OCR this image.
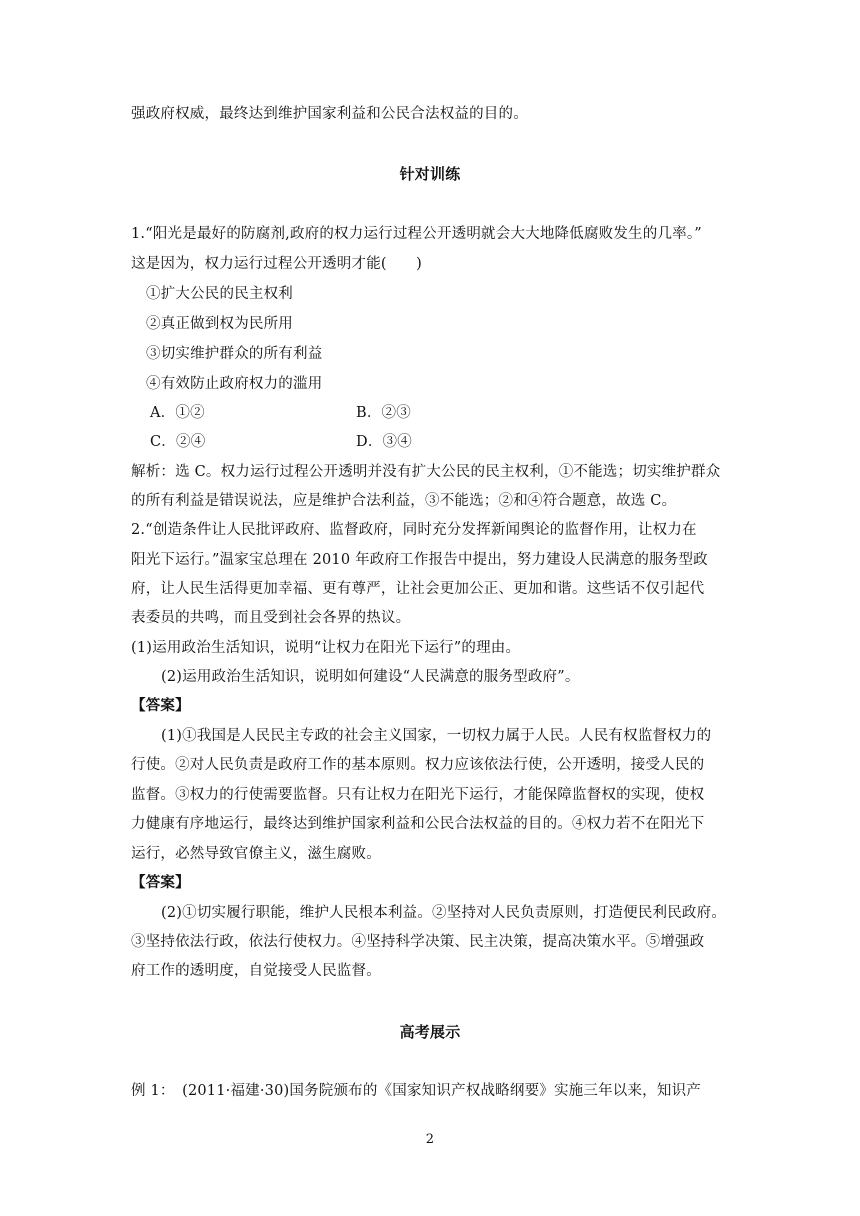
强政府权威，最终达到维护国家利益和公民合法权益的目的。
针对训练
1.“阳光是最好的防腐剂,政府的权力运行过程公开透明就会大大地降低腐败发生的几率。”
这是因为，权力运行过程公开透明才能(　　)
①扩大公民的民主权利
②真正做到权为民所用
③切实维护群众的所有利益
④有效防止政府权力的滥用
A．①②	B．②③
C．②④	D．③④
解析：选 C。权力运行过程公开透明并没有扩大公民的民主权利，①不能选；切实维护群众
的所有利益是错误说法，应是维护合法利益，③不能选；②和④符合题意，故选 C。
2.“创造条件让人民批评政府、监督政府，同时充分发挥新闻舆论的监督作用，让权力在
阳光下运行。”温家宝总理在 2010 年政府工作报告中提出，努力建设人民满意的服务型政
府，让人民生活得更加幸福、更有尊严，让社会更加公正、更加和谐。这些话不仅引起代
表委员的共鸣，而且受到社会各界的热议。
(1)运用政治生活知识，说明“让权力在阳光下运行”的理由。
(2)运用政治生活知识，说明如何建设“人民满意的服务型政府”。
【答案】
(1)①我国是人民民主专政的社会主义国家，一切权力属于人民。人民有权监督权力的
行使。②对人民负责是政府工作的基本原则。权力应该依法行使，公开透明，接受人民的
监督。③权力的行使需要监督。只有让权力在阳光下运行，才能保障监督权的实现，使权
力健康有序地运行，最终达到维护国家利益和公民合法权益的目的。④权力若不在阳光下
运行，必然导致官僚主义，滋生腐败。
【答案】
(2)①切实履行职能，维护人民根本利益。②坚持对人民负责原则，打造便民利民政府。
③坚持依法行政，依法行使权力。④坚持科学决策、民主决策，提高决策水平。⑤增强政
府工作的透明度，自觉接受人民监督。
高考展示
例 1：　(2011·福建·30)国务院颁布的《国家知识产权战略纲要》实施三年以来，知识产
2
